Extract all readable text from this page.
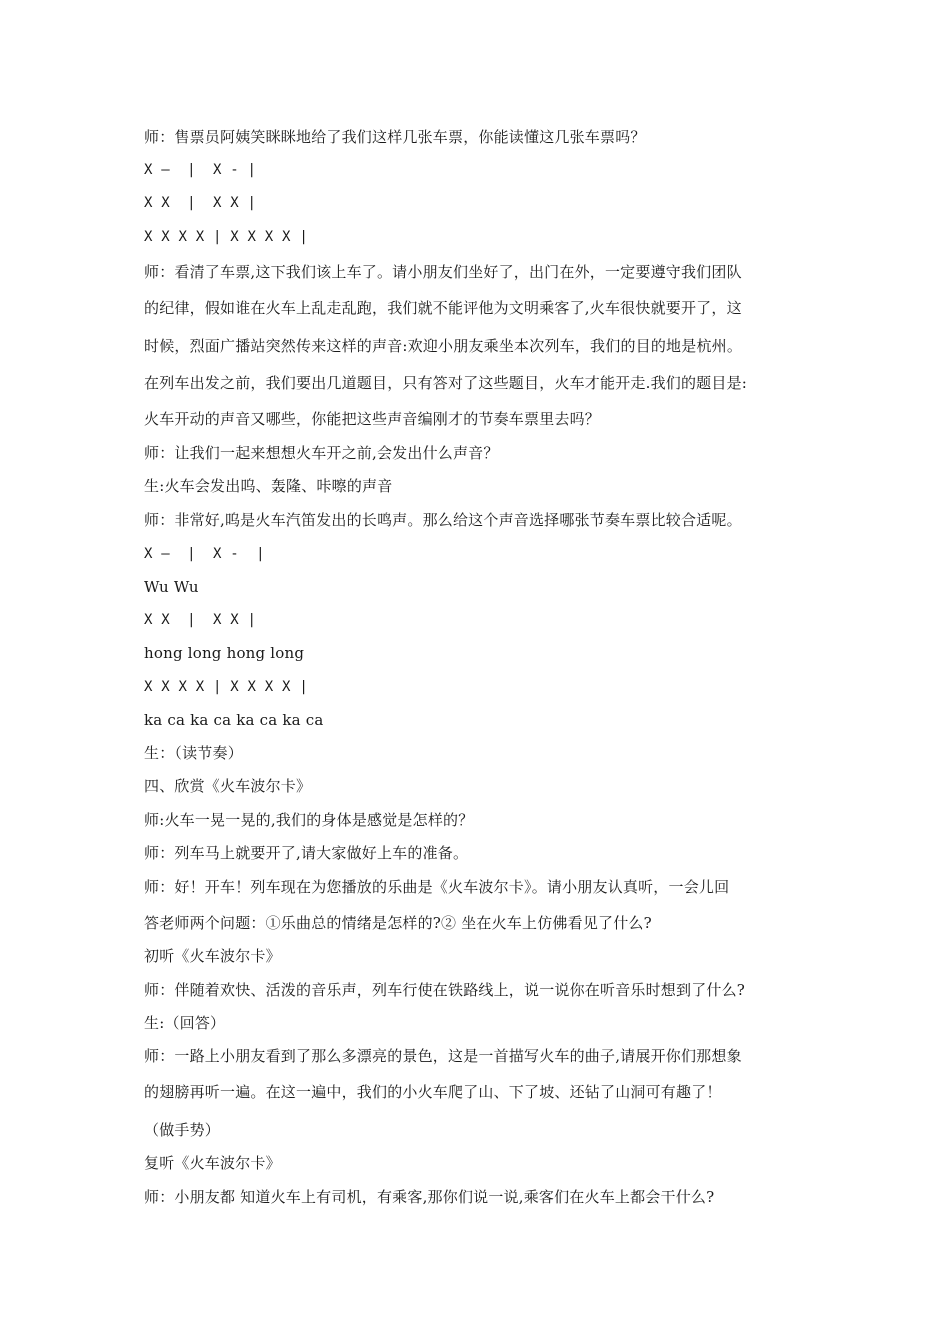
师：售票员阿姨笑眯眯地给了我们这样几张车票，你能读懂这几张车票吗？
X —  |  X - |
X X  |  X X |
X X X X | X X X X |
师：看清了车票,这下我们该上车了。请小朋友们坐好了，出门在外，一定要遵守我们团队
的纪律，假如谁在火车上乱走乱跑，我们就不能评他为文明乘客了,火车很快就要开了，这
时候，烈面广播站突然传来这样的声音:欢迎小朋友乘坐本次列车，我们的目的地是杭州。
在列车出发之前，我们要出几道题目，只有答对了这些题目，火车才能开走.我们的题目是:
火车开动的声音又哪些，你能把这些声音编刚才的节奏车票里去吗？
师：让我们一起来想想火车开之前,会发出什么声音？
生:火车会发出呜、轰隆、咔嚓的声音
师：非常好,呜是火车汽笛发出的长鸣声。那么给这个声音选择哪张节奏车票比较合适呢。
X —  |  X -  |
Wu Wu
X X  |  X X |
hong long hong long
X X X X | X X X X |
ka ca ka ca ka ca ka ca
生：（读节奏）
四、欣赏《火车波尔卡》
师:火车一晃一晃的,我们的身体是感觉是怎样的？
师：列车马上就要开了,请大家做好上车的准备。
师：好！开车！列车现在为您播放的乐曲是《火车波尔卡》。请小朋友认真听，一会儿回
答老师两个问题：①乐曲总的情绪是怎样的?② 坐在火车上仿佛看见了什么?
初听《火车波尔卡》
师：伴随着欢快、活泼的音乐声，列车行使在铁路线上，说一说你在听音乐时想到了什么?
生:（回答）
师：一路上小朋友看到了那么多漂亮的景色，这是一首描写火车的曲子,请展开你们那想象
的翅膀再听一遍。在这一遍中，我们的小火车爬了山、下了坡、还钻了山洞可有趣了！
（做手势）
复听《火车波尔卡》
师：小朋友都 知道火车上有司机，有乘客,那你们说一说,乘客们在火车上都会干什么?
